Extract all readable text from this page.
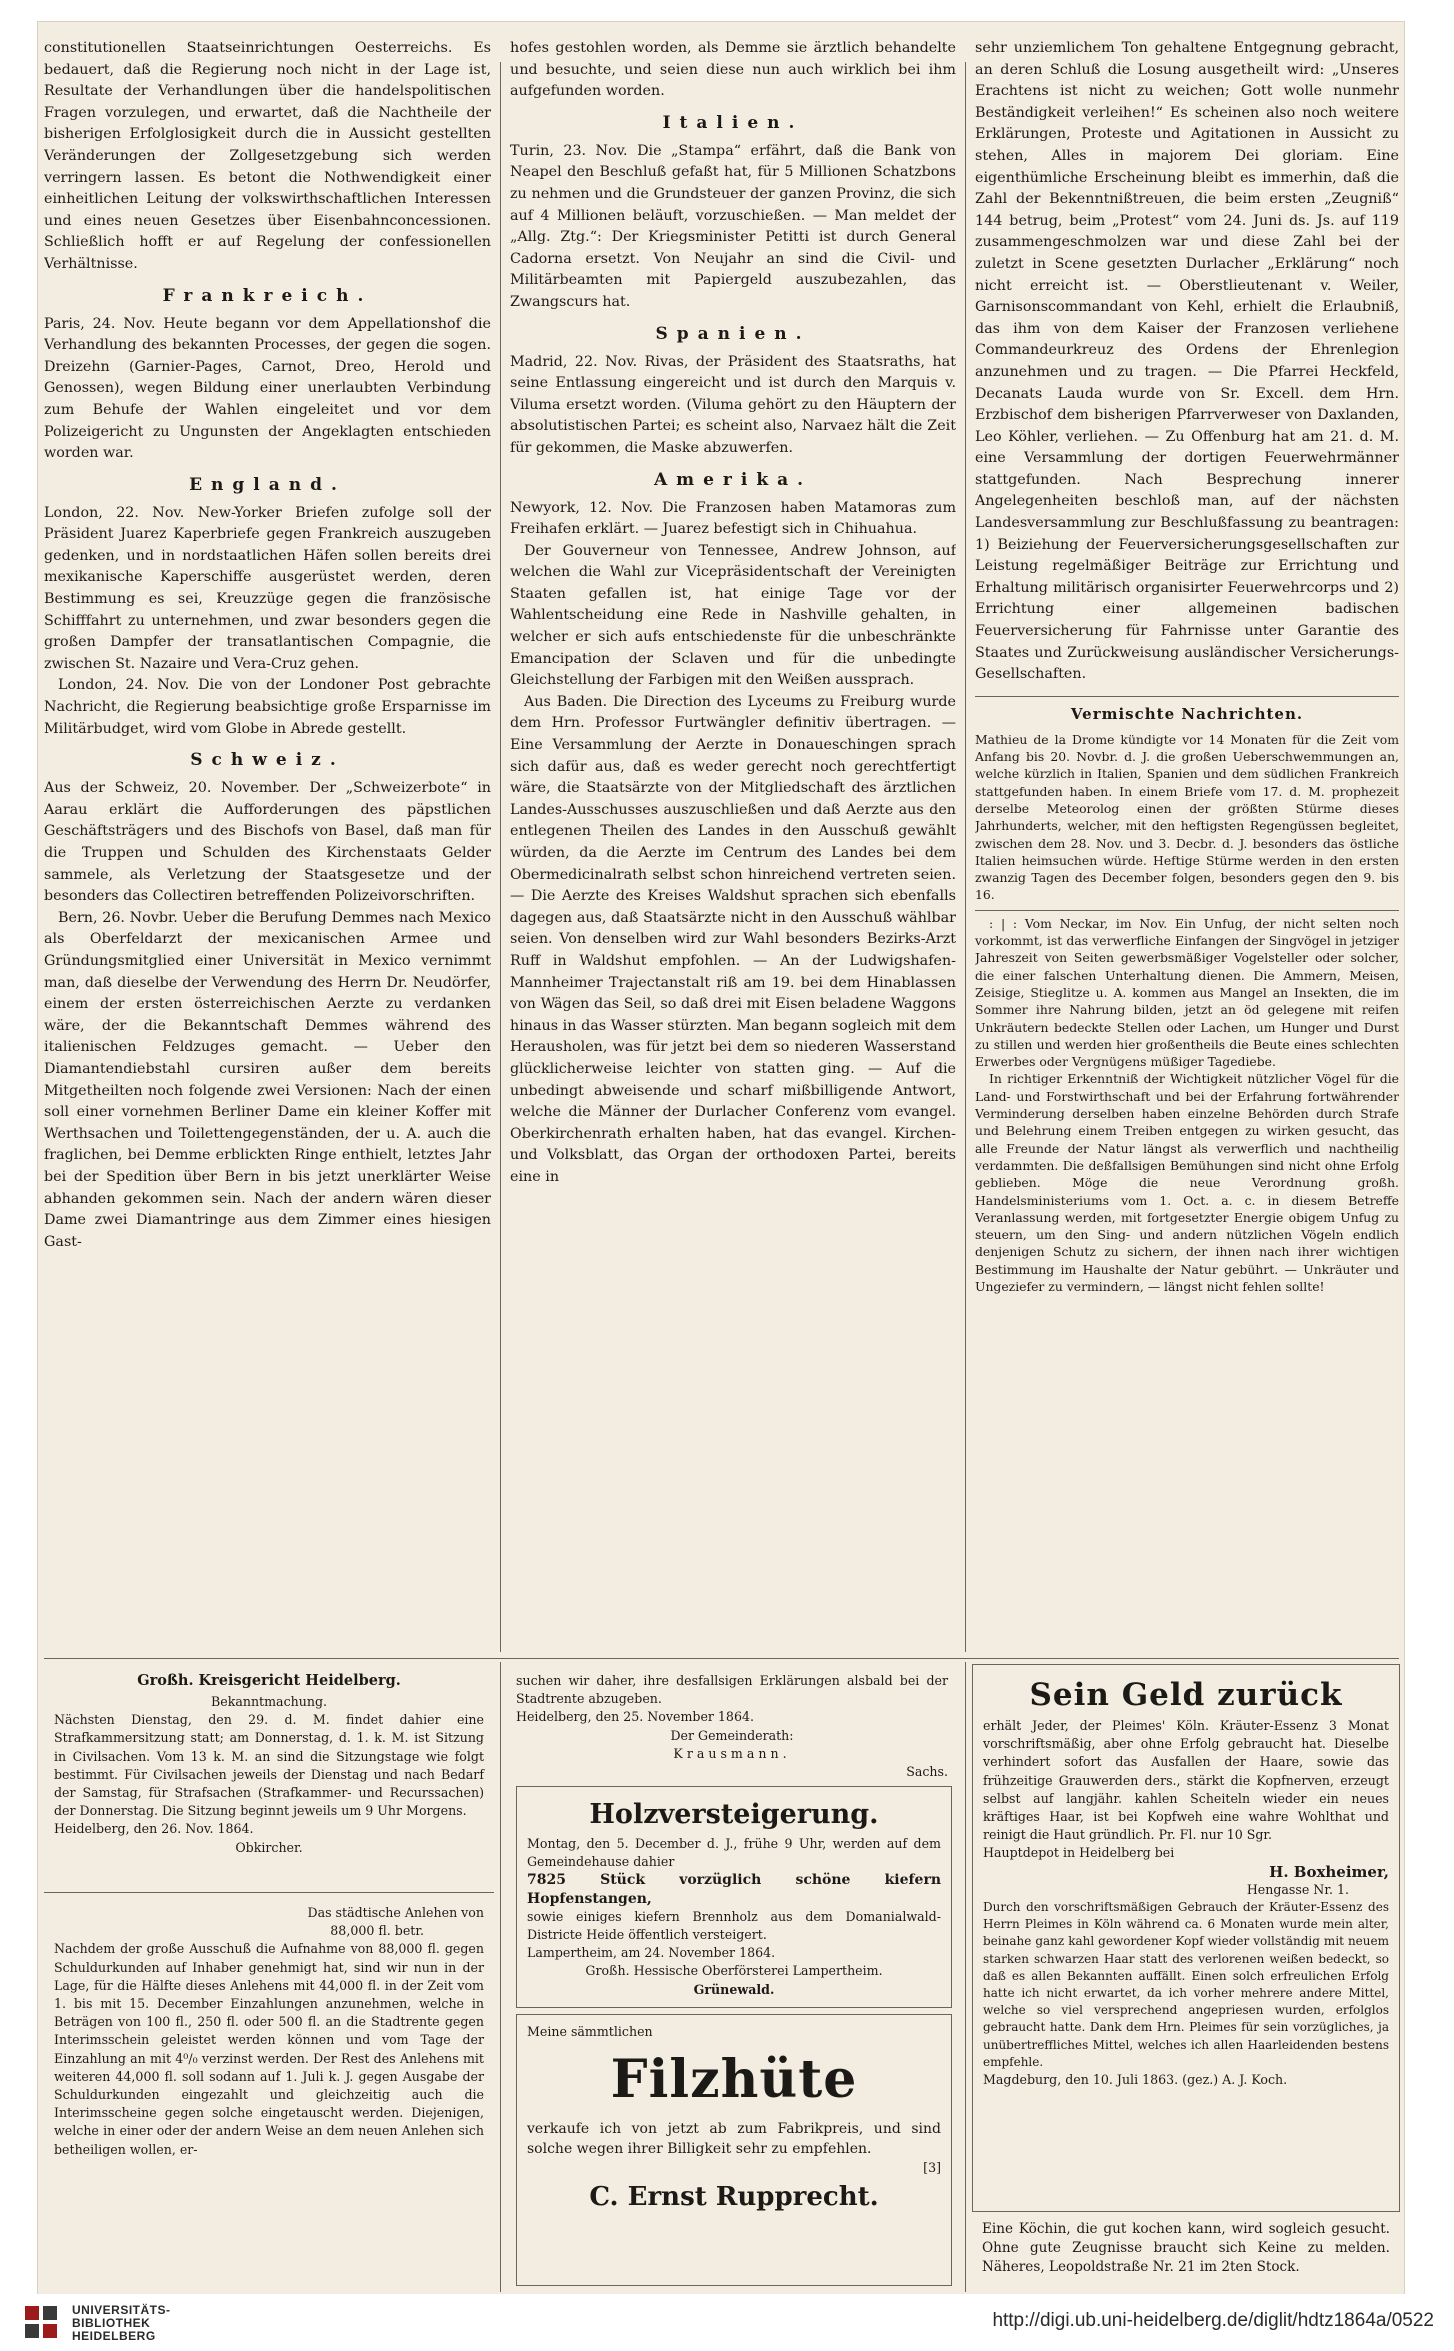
constitutionellen Staatseinrichtungen Oesterreichs. Es bedauert, daß die Regierung noch nicht in der Lage ist, Resultate der Verhandlungen über die handelspolitischen Fragen vorzulegen, und erwartet, daß die Nachtheile der bisherigen Erfolglosigkeit durch die in Aussicht gestellten Veränderungen der Zollgesetzgebung sich werden verringern lassen. Es betont die Nothwendigkeit einer einheitlichen Leitung der volkswirthschaftlichen Interessen und eines neuen Gesetzes über Eisenbahnconcessionen. Schließlich hofft er auf Regelung der confessionellen Verhältnisse.

Frankreich.

Paris, 24. Nov. Heute begann vor dem Appellationshof die Verhandlung des bekannten Processes, der gegen die sogen. Dreizehn (Garnier-Pages, Carnot, Dreo, Herold und Genossen), wegen Bildung einer unerlaubten Verbindung zum Behufe der Wahlen eingeleitet und vor dem Polizeigericht zu Ungunsten der Angeklagten entschieden worden war.

England.

London, 22. Nov. New-Yorker Briefen zufolge soll der Präsident Juarez Kaperbriefe gegen Frankreich auszugeben gedenken, und in nordstaatlichen Häfen sollen bereits drei mexikanische Kaperschiffe ausgerüstet werden, deren Bestimmung es sei, Kreuzzüge gegen die französische Schifffahrt zu unternehmen, und zwar besonders gegen die großen Dampfer der transatlantischen Compagnie, die zwischen St. Nazaire und Vera-Cruz gehen.

London, 24. Nov. Die von der Londoner Post gebrachte Nachricht, die Regierung beabsichtige große Ersparnisse im Militärbudget, wird vom Globe in Abrede gestellt.

Schweiz.

Aus der Schweiz, 20. November. Der „Schweizerbote“ in Aarau erklärt die Aufforderungen des päpstlichen Geschäftsträgers und des Bischofs von Basel, daß man für die Truppen und Schulden des Kirchenstaats Gelder sammele, als Verletzung der Staatsgesetze und der besonders das Collectiren betreffenden Polizeivorschriften.

Bern, 26. Novbr. Ueber die Berufung Demmes nach Mexico als Oberfeldarzt der mexicanischen Armee und Gründungsmitglied einer Universität in Mexico vernimmt man, daß dieselbe der Verwendung des Herrn Dr. Neudörfer, einem der ersten österreichischen Aerzte zu verdanken wäre, der die Bekanntschaft Demmes während des italienischen Feldzuges gemacht. — Ueber den Diamantendiebstahl cursiren außer dem bereits Mitgetheilten noch folgende zwei Versionen: Nach der einen soll einer vornehmen Berliner Dame ein kleiner Koffer mit Werthsachen und Toilettengegenständen, der u. A. auch die fraglichen, bei Demme erblickten Ringe enthielt, letztes Jahr bei der Spedition über Bern in bis jetzt unerklärter Weise abhanden gekommen sein. Nach der andern wären dieser Dame zwei Diamantringe aus dem Zimmer eines hiesigen Gast-

hofes gestohlen worden, als Demme sie ärztlich behandelte und besuchte, und seien diese nun auch wirklich bei ihm aufgefunden worden.

Italien.

Turin, 23. Nov. Die „Stampa“ erfährt, daß die Bank von Neapel den Beschluß gefaßt hat, für 5 Millionen Schatzbons zu nehmen und die Grundsteuer der ganzen Provinz, die sich auf 4 Millionen beläuft, vorzuschießen. — Man meldet der „Allg. Ztg.“: Der Kriegsminister Petitti ist durch General Cadorna ersetzt. Von Neujahr an sind die Civil- und Militärbeamten mit Papiergeld auszubezahlen, das Zwangscurs hat.

Spanien.

Madrid, 22. Nov. Rivas, der Präsident des Staatsraths, hat seine Entlassung eingereicht und ist durch den Marquis v. Viluma ersetzt worden. (Viluma gehört zu den Häuptern der absolutistischen Partei; es scheint also, Narvaez hält die Zeit für gekommen, die Maske abzuwerfen.

Amerika.

Newyork, 12. Nov. Die Franzosen haben Matamoras zum Freihafen erklärt. — Juarez befestigt sich in Chihuahua.

Der Gouverneur von Tennessee, Andrew Johnson, auf welchen die Wahl zur Vicepräsidentschaft der Vereinigten Staaten gefallen ist, hat einige Tage vor der Wahlentscheidung eine Rede in Nashville gehalten, in welcher er sich aufs entschiedenste für die unbeschränkte Emancipation der Sclaven und für die unbedingte Gleichstellung der Farbigen mit den Weißen aussprach.

Aus Baden. Die Direction des Lyceums zu Freiburg wurde dem Hrn. Professor Furtwängler definitiv übertragen. — Eine Versammlung der Aerzte in Donaueschingen sprach sich dafür aus, daß es weder gerecht noch gerechtfertigt wäre, die Staatsärzte von der Mitgliedschaft des ärztlichen Landes-Ausschusses auszuschließen und daß Aerzte aus den entlegenen Theilen des Landes in den Ausschuß gewählt würden, da die Aerzte im Centrum des Landes bei dem Obermedicinalrath selbst schon hinreichend vertreten seien. — Die Aerzte des Kreises Waldshut sprachen sich ebenfalls dagegen aus, daß Staatsärzte nicht in den Ausschuß wählbar seien. Von denselben wird zur Wahl besonders Bezirks-Arzt Ruff in Waldshut empfohlen. — An der Ludwigshafen-Mannheimer Trajectanstalt riß am 19. bei dem Hinablassen von Wägen das Seil, so daß drei mit Eisen beladene Waggons hinaus in das Wasser stürzten. Man begann sogleich mit dem Herausholen, was für jetzt bei dem so niederen Wasserstand glücklicherweise leichter von statten ging. — Auf die unbedingt abweisende und scharf mißbilligende Antwort, welche die Männer der Durlacher Conferenz vom evangel. Oberkirchenrath erhalten haben, hat das evangel. Kirchen- und Volksblatt, das Organ der orthodoxen Partei, bereits eine in

sehr unziemlichem Ton gehaltene Entgegnung gebracht, an deren Schluß die Losung ausgetheilt wird: „Unseres Erachtens ist nicht zu weichen; Gott wolle nunmehr Beständigkeit verleihen!“ Es scheinen also noch weitere Erklärungen, Proteste und Agitationen in Aussicht zu stehen, Alles in majorem Dei gloriam. Eine eigenthümliche Erscheinung bleibt es immerhin, daß die Zahl der Bekenntnißtreuen, die beim ersten „Zeugniß“ 144 betrug, beim „Protest“ vom 24. Juni ds. Js. auf 119 zusammengeschmolzen war und diese Zahl bei der zuletzt in Scene gesetzten Durlacher „Erklärung“ noch nicht erreicht ist. — Oberstlieutenant v. Weiler, Garnisonscommandant von Kehl, erhielt die Erlaubniß, das ihm von dem Kaiser der Franzosen verliehene Commandeurkreuz des Ordens der Ehrenlegion anzunehmen und zu tragen. — Die Pfarrei Heckfeld, Decanats Lauda wurde von Sr. Excell. dem Hrn. Erzbischof dem bisherigen Pfarrverweser von Daxlanden, Leo Köhler, verliehen. — Zu Offenburg hat am 21. d. M. eine Versammlung der dortigen Feuerwehrmänner stattgefunden. Nach Besprechung innerer Angelegenheiten beschloß man, auf der nächsten Landesversammlung zur Beschlußfassung zu beantragen: 1) Beiziehung der Feuerversicherungsgesellschaften zur Leistung regelmäßiger Beiträge zur Errichtung und Erhaltung militärisch organisirter Feuerwehrcorps und 2) Errichtung einer allgemeinen badischen Feuerversicherung für Fahrnisse unter Garantie des Staates und Zurückweisung ausländischer Versicherungs-Gesellschaften.

Vermischte Nachrichten.

Mathieu de la Drome kündigte vor 14 Monaten für die Zeit vom Anfang bis 20. Novbr. d. J. die großen Ueberschwemmungen an, welche kürzlich in Italien, Spanien und dem südlichen Frankreich stattgefunden haben. In einem Briefe vom 17. d. M. prophezeit derselbe Meteorolog einen der größten Stürme dieses Jahrhunderts, welcher, mit den heftigsten Regengüssen begleitet, zwischen dem 28. Nov. und 3. Decbr. d. J. besonders das östliche Italien heimsuchen würde. Heftige Stürme werden in den ersten zwanzig Tagen des December folgen, besonders gegen den 9. bis 16.

: | : Vom Neckar, im Nov. Ein Unfug, der nicht selten noch vorkommt, ist das verwerfliche Einfangen der Singvögel in jetziger Jahreszeit von Seiten gewerbsmäßiger Vogelsteller oder solcher, die einer falschen Unterhaltung dienen. Die Ammern, Meisen, Zeisige, Stieglitze u. A. kommen aus Mangel an Insekten, die im Sommer ihre Nahrung bilden, jetzt an öd gelegene mit reifen Unkräutern bedeckte Stellen oder Lachen, um Hunger und Durst zu stillen und werden hier großentheils die Beute eines schlechten Erwerbes oder Vergnügens müßiger Tagediebe.

In richtiger Erkenntniß der Wichtigkeit nützlicher Vögel für die Land- und Forstwirthschaft und bei der Erfahrung fortwährender Verminderung derselben haben einzelne Behörden durch Strafe und Belehrung einem Treiben entgegen zu wirken gesucht, das alle Freunde der Natur längst als verwerflich und nachtheilig verdammten. Die deßfallsigen Bemühungen sind nicht ohne Erfolg geblieben. Möge die neue Verordnung großh. Handelsministeriums vom 1. Oct. a. c. in diesem Betreffe Veranlassung werden, mit fortgesetzter Energie obigem Unfug zu steuern, um den Sing- und andern nützlichen Vögeln endlich denjenigen Schutz zu sichern, der ihnen nach ihrer wichtigen Bestimmung im Haushalte der Natur gebührt. — Unkräuter und Ungeziefer zu vermindern, — längst nicht fehlen sollte!

Großh. Kreisgericht Heidelberg.

Bekanntmachung.

Nächsten Dienstag, den 29. d. M. findet dahier eine Strafkammersitzung statt; am Donnerstag, d. 1. k. M. ist Sitzung in Civilsachen. Vom 13 k. M. an sind die Sitzungstage wie folgt bestimmt. Für Civilsachen jeweils der Dienstag und nach Bedarf der Samstag, für Strafsachen (Strafkammer- und Recurssachen) der Donnerstag. Die Sitzung beginnt jeweils um 9 Uhr Morgens.

Heidelberg, den 26. Nov. 1864.

Obkircher.

Das städtische Anlehen von

88,000 fl. betr.

Nachdem der große Ausschuß die Aufnahme von 88,000 fl. gegen Schuldurkunden auf Inhaber genehmigt hat, sind wir nun in der Lage, für die Hälfte dieses Anlehens mit 44,000 fl. in der Zeit vom 1. bis mit 15. December Einzahlungen anzunehmen, welche in Beträgen von 100 fl., 250 fl. oder 500 fl. an die Stadtrente gegen Interimsschein geleistet werden können und vom Tage der Einzahlung an mit 4⁰/₀ verzinst werden. Der Rest des Anlehens mit weiteren 44,000 fl. soll sodann auf 1. Juli k. J. gegen Ausgabe der Schuldurkunden eingezahlt und gleichzeitig auch die Interimsscheine gegen solche eingetauscht werden. Diejenigen, welche in einer oder der andern Weise an dem neuen Anlehen sich betheiligen wollen, er-

suchen wir daher, ihre desfallsigen Erklärungen alsbald bei der Stadtrente abzugeben.

Heidelberg, den 25. November 1864.

Der Gemeinderath:

Krausmann.

Sachs.

Holzversteigerung.

Montag, den 5. December d. J., frühe 9 Uhr, werden auf dem Gemeindehause dahier

7825 Stück vorzüglich schöne kiefern Hopfenstangen,

sowie einiges kiefern Brennholz aus dem Domanialwald-Districte Heide öffentlich versteigert.

Lampertheim, am 24. November 1864.

Großh. Hessische Oberförsterei Lampertheim.

Grünewald.

Meine sämmtlichen

Filzhüte

verkaufe ich von jetzt ab zum Fabrikpreis, und sind solche wegen ihrer Billigkeit sehr zu empfehlen.

[3]

C. Ernst Rupprecht.
Sein Geld zurück

erhält Jeder, der Pleimes' Köln. Kräuter-Essenz 3 Monat vorschriftsmäßig, aber ohne Erfolg gebraucht hat. Dieselbe verhindert sofort das Ausfallen der Haare, sowie das frühzeitige Grauwerden ders., stärkt die Kopfnerven, erzeugt selbst auf langjähr. kahlen Scheiteln wieder ein neues kräftiges Haar, ist bei Kopfweh eine wahre Wohlthat und reinigt die Haut gründlich. Pr. Fl. nur 10 Sgr.

Hauptdepot in Heidelberg bei

H. Boxheimer,

Hengasse Nr. 1.

Durch den vorschriftsmäßigen Gebrauch der Kräuter-Essenz des Herrn Pleimes in Köln während ca. 6 Monaten wurde mein alter, beinahe ganz kahl gewordener Kopf wieder vollständig mit neuem starken schwarzen Haar statt des verlorenen weißen bedeckt, so daß es allen Bekannten auffällt. Einen solch erfreulichen Erfolg hatte ich nicht erwartet, da ich vorher mehrere andere Mittel, welche so viel versprechend angepriesen wurden, erfolglos gebraucht hatte. Dank dem Hrn. Pleimes für sein vorzügliches, ja unübertreffliches Mittel, welches ich allen Haarleidenden bestens empfehle.

Magdeburg, den 10. Juli 1863. (gez.) A. J. Koch.

Eine Köchin, die gut kochen kann, wird sogleich gesucht. Ohne gute Zeugnisse braucht sich Keine zu melden. Näheres, Leopoldstraße Nr. 21 im 2ten Stock.

UNIVERSITÄTS-
BIBLIOTHEK
HEIDELBERG
http://digi.ub.uni-heidelberg.de/diglit/hdtz1864a/0522
